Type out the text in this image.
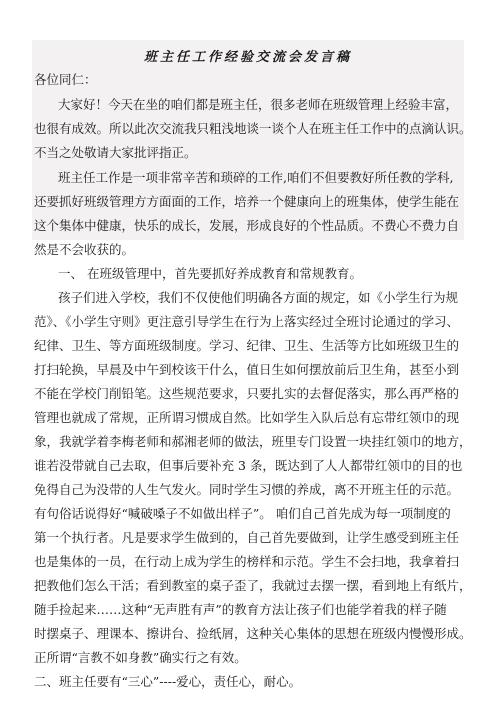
班主任工作经验交流会发言稿
各位同仁：
大家好！今天在坐的咱们都是班主任，很多老师在班级管理上经验丰富，
也很有成效。所以此次交流我只粗浅地谈一谈个人在班主任工作中的点滴认识。
不当之处敬请大家批评指正。
班主任工作是一项非常辛苦和琐碎的工作,咱们不但要教好所任教的学科,
还要抓好班级管理方方面面的工作，培养一个健康向上的班集体，使学生能在
这个集体中健康，快乐的成长，发展，形成良好的个性品质。不费心不费力自
然是不会收获的。
一、 在班级管理中，首先要抓好养成教育和常规教育。
孩子们进入学校，我们不仅使他们明确各方面的规定，如《小学生行为规
范》、《小学生守则》更注意引导学生在行为上落实经过全班讨论通过的学习、
纪律、卫生、等方面班级制度。学习、纪律、卫生、生活等方比如班级卫生的
打扫轮换，早晨及中午到校该干什么，值日生如何摆放前后卫生角，甚至小到
不能在学校门削铅笔。这些规范要求，只要扎实的去督促落实，那么再严格的
管理也就成了常规，正所谓习惯成自然。比如学生入队后总有忘带红领巾的现
象，我就学着李梅老师和郝湘老师的做法，班里专门设置一块挂红领巾的地方，
谁若没带就自己去取，但事后要补充 3 条，既达到了人人都带红领巾的目的也
免得自己为没带的人生气发火。同时学生习惯的养成，离不开班主任的示范。
有句俗话说得好“喊破嗓子不如做出样子”。 咱们自己首先成为每一项制度的
第一个执行者。凡是要求学生做到的，自己首先要做到，让学生感受到班主任
也是集体的一员，在行动上成为学生的榜样和示范。学生不会扫地，我拿着扫
把教他们怎么干活；看到教室的桌子歪了，我就过去摆一摆，看到地上有纸片，
随手捡起来……这种“无声胜有声”的教育方法让孩子们也能学着我的样子随
时摆桌子、理课本、擦讲台、捡纸屑，这种关心集体的思想在班级内慢慢形成。
正所谓“言教不如身教”确实行之有效。
二、班主任要有“三心”----爱心，责任心，耐心。
